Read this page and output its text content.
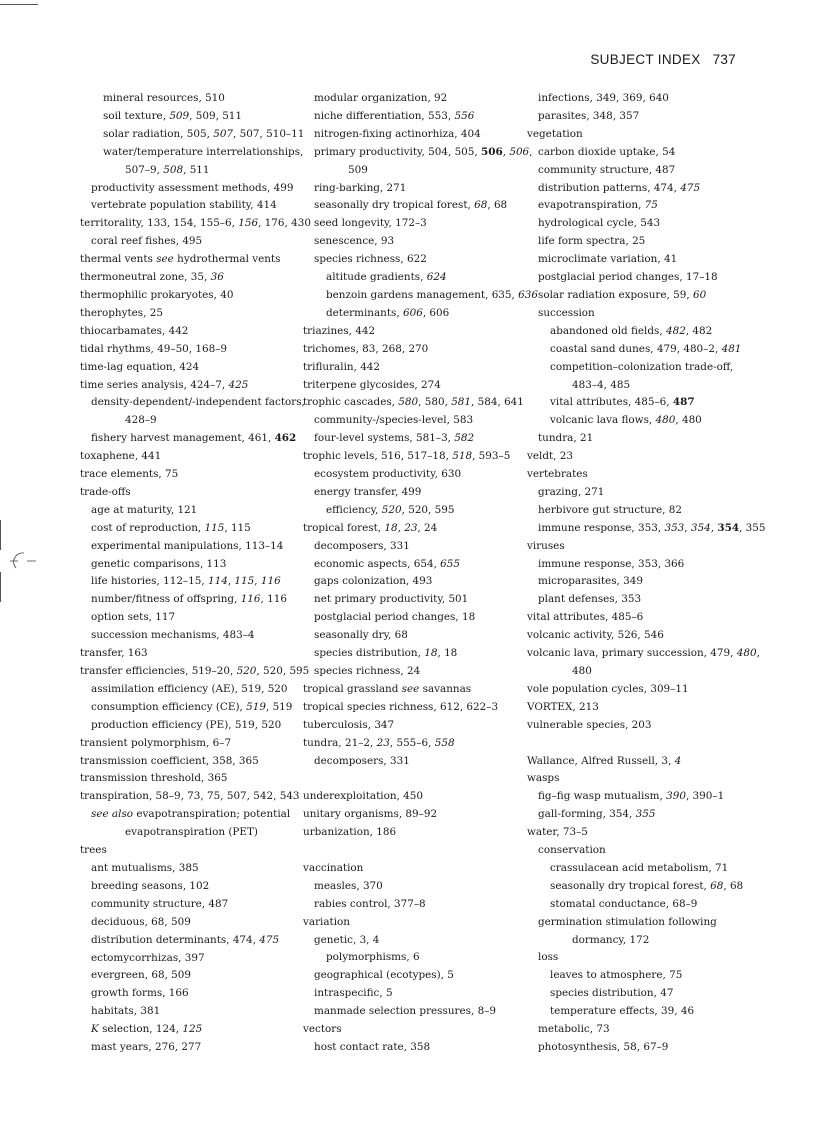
SUBJECT INDEX 737
mineral resources, 510
soil texture, 509, 509, 511
solar radiation, 505, 507, 507, 510–11
water/temperature interrelationships,
507–9, 508, 511
productivity assessment methods, 499
vertebrate population stability, 414
territorality, 133, 154, 155–6, 156, 176, 430
coral reef fishes, 495
thermal vents see hydrothermal vents
thermoneutral zone, 35, 36
thermophilic prokaryotes, 40
therophytes, 25
thiocarbamates, 442
tidal rhythms, 49–50, 168–9
time-lag equation, 424
time series analysis, 424–7, 425
density-dependent/-independent factors,
428–9
fishery harvest management, 461, 462
toxaphene, 441
trace elements, 75
trade-offs
age at maturity, 121
cost of reproduction, 115, 115
experimental manipulations, 113–14
genetic comparisons, 113
life histories, 112–15, 114, 115, 116
number/fitness of offspring, 116, 116
option sets, 117
succession mechanisms, 483–4
transfer, 163
transfer efficiencies, 519–20, 520, 520, 595
assimilation efficiency (AE), 519, 520
consumption efficiency (CE), 519, 519
production efficiency (PE), 519, 520
transient polymorphism, 6–7
transmission coefficient, 358, 365
transmission threshold, 365
transpiration, 58–9, 73, 75, 507, 542, 543
see also evapotranspiration; potential
evapotranspiration (PET)
trees
ant mutualisms, 385
breeding seasons, 102
community structure, 487
deciduous, 68, 509
distribution determinants, 474, 475
ectomycorrhizas, 397
evergreen, 68, 509
growth forms, 166
habitats, 381
K selection, 124, 125
mast years, 276, 277
modular organization, 92
niche differentiation, 553, 556
nitrogen-fixing actinorhiza, 404
primary productivity, 504, 505, 506, 506,
509
ring-barking, 271
seasonally dry tropical forest, 68, 68
seed longevity, 172–3
senescence, 93
species richness, 622
altitude gradients, 624
benzoin gardens management, 635, 636
determinants, 606, 606
triazines, 442
trichomes, 83, 268, 270
trifluralin, 442
triterpene glycosides, 274
trophic cascades, 580, 580, 581, 584, 641
community-/species-level, 583
four-level systems, 581–3, 582
trophic levels, 516, 517–18, 518, 593–5
ecosystem productivity, 630
energy transfer, 499
efficiency, 520, 520, 595
tropical forest, 18, 23, 24
decomposers, 331
economic aspects, 654, 655
gaps colonization, 493
net primary productivity, 501
postglacial period changes, 18
seasonally dry, 68
species distribution, 18, 18
species richness, 24
tropical grassland see savannas
tropical species richness, 612, 622–3
tuberculosis, 347
tundra, 21–2, 23, 555–6, 558
decomposers, 331
underexploitation, 450
unitary organisms, 89–92
urbanization, 186
vaccination
measles, 370
rabies control, 377–8
variation
genetic, 3, 4
polymorphisms, 6
geographical (ecotypes), 5
intraspecific, 5
manmade selection pressures, 8–9
vectors
host contact rate, 358
infections, 349, 369, 640
parasites, 348, 357
vegetation
carbon dioxide uptake, 54
community structure, 487
distribution patterns, 474, 475
evapotranspiration, 75
hydrological cycle, 543
life form spectra, 25
microclimate variation, 41
postglacial period changes, 17–18
solar radiation exposure, 59, 60
succession
abandoned old fields, 482, 482
coastal sand dunes, 479, 480–2, 481
competition–colonization trade-off,
483–4, 485
vital attributes, 485–6, 487
volcanic lava flows, 480, 480
tundra, 21
veldt, 23
vertebrates
grazing, 271
herbivore gut structure, 82
immune response, 353, 353, 354, 354, 355
viruses
immune response, 353, 366
microparasites, 349
plant defenses, 353
vital attributes, 485–6
volcanic activity, 526, 546
volcanic lava, primary succession, 479, 480,
480
vole population cycles, 309–11
VORTEX, 213
vulnerable species, 203
Wallance, Alfred Russell, 3, 4
wasps
fig–fig wasp mutualism, 390, 390–1
gall-forming, 354, 355
water, 73–5
conservation
crassulacean acid metabolism, 71
seasonally dry tropical forest, 68, 68
stomatal conductance, 68–9
germination stimulation following
dormancy, 172
loss
leaves to atmosphere, 75
species distribution, 47
temperature effects, 39, 46
metabolic, 73
photosynthesis, 58, 67–9
